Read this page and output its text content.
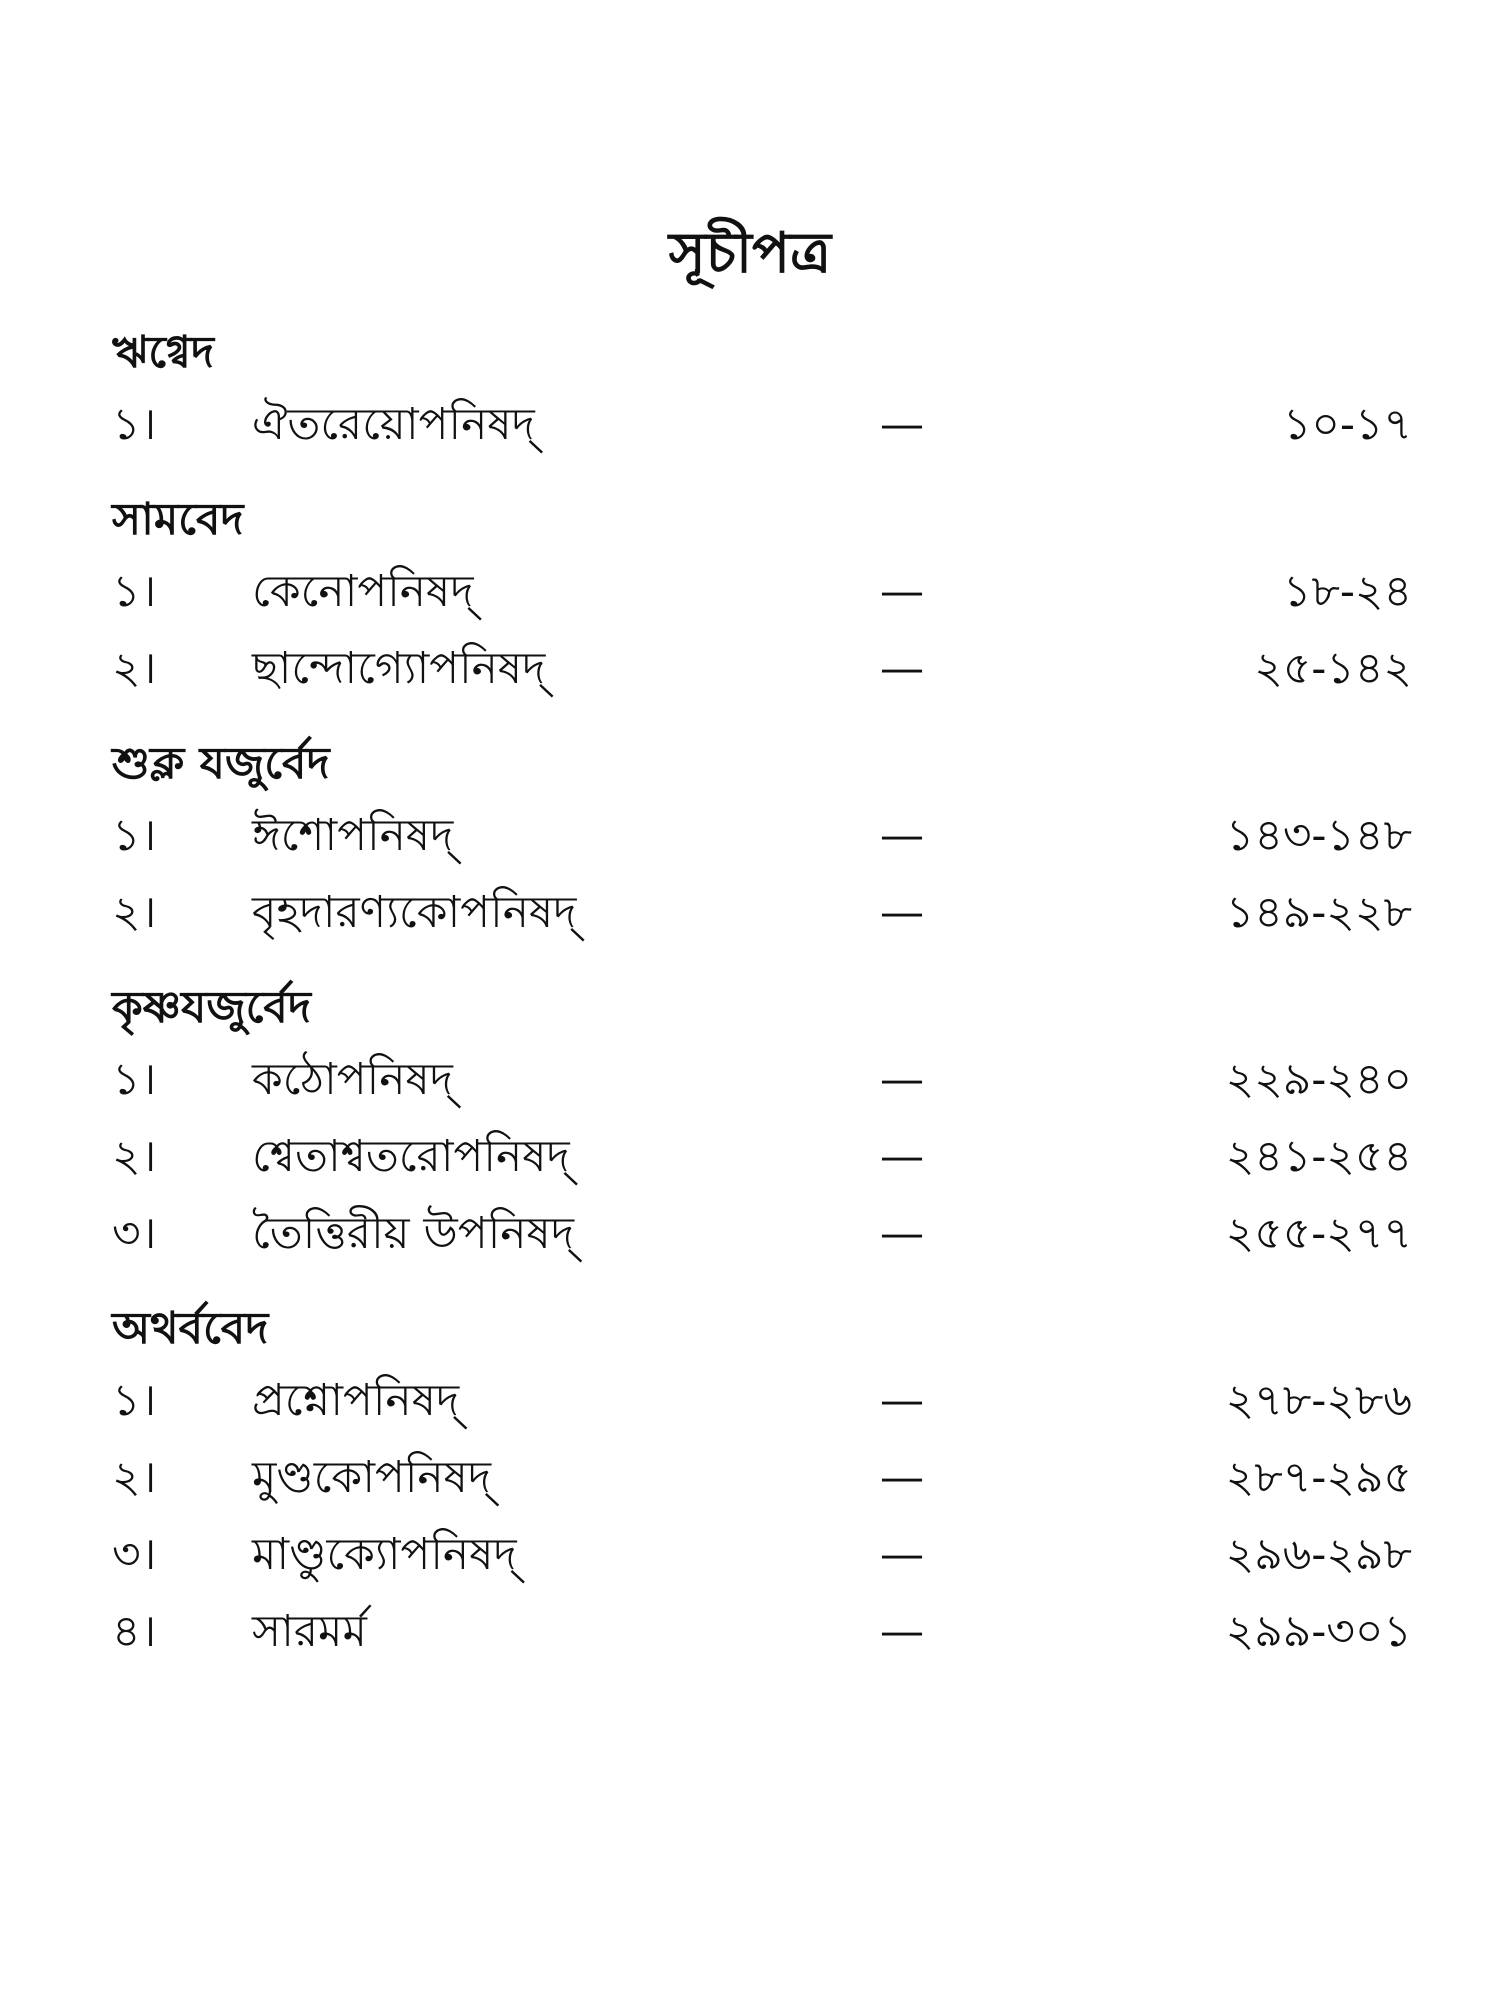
সূচীপত্র
ঋগ্বেদ
১।	ঐতরেয়োপনিষদ্	—	১০-১৭
সামবেদ
১।	কেনোপনিষদ্	—	১৮-২৪
২।	ছান্দোগ্যোপনিষদ্	—	২৫-১৪২
শুক্ল যজুর্বেদ
১।	ঈশোপনিষদ্	—	১৪৩-১৪৮
২।	বৃহদারণ্যকোপনিষদ্	—	১৪৯-২২৮
কৃষ্ণযজুর্বেদ
১।	কঠোপনিষদ্	—	২২৯-২৪০
২।	শ্বেতাশ্বতরোপনিষদ্	—	২৪১-২৫৪
৩।	তৈত্তিরীয় উপনিষদ্	—	২৫৫-২৭৭
অথর্ববেদ
১।	প্রশ্নোপনিষদ্	—	২৭৮-২৮৬
২।	মুণ্ডকোপনিষদ্	—	২৮৭-২৯৫
৩।	মাণ্ডুক্যোপনিষদ্	—	২৯৬-২৯৮
৪।	সারমর্ম	—	২৯৯-৩০১
